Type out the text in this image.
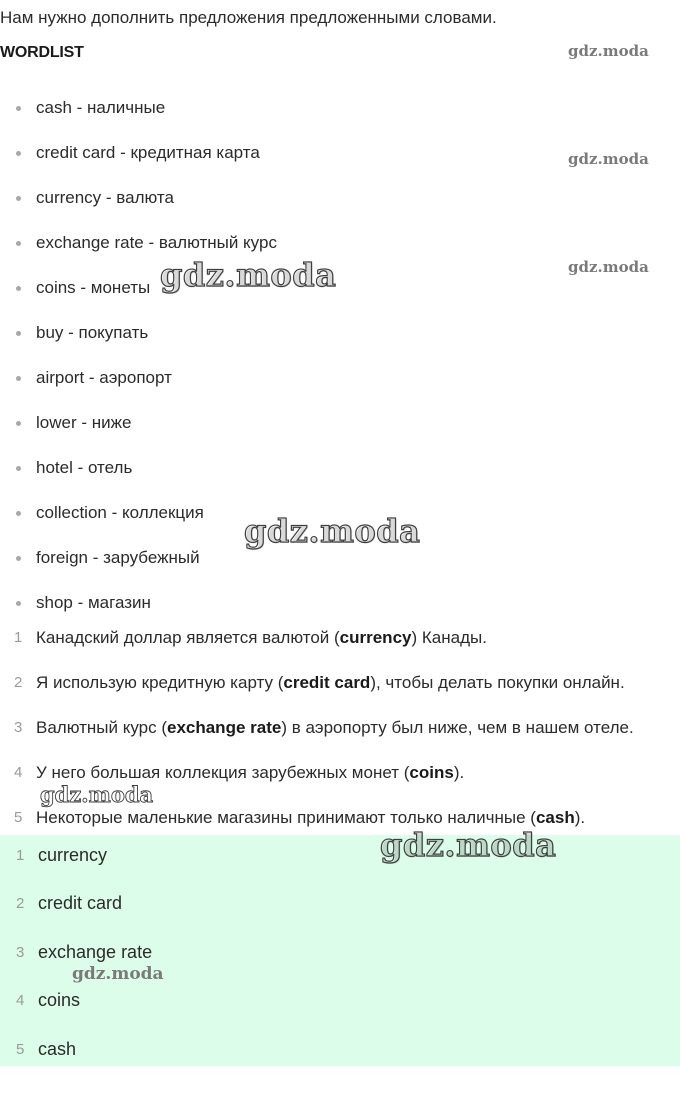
Нам нужно дополнить предложения предложенными словами.
WORDLIST
cash - наличные
credit card - кредитная карта
currency - валюта
exchange rate - валютный курс
coins - монеты
buy - покупать
airport - аэропорт
lower - ниже
hotel - отель
collection - коллекция
foreign - зарубежный
shop - магазин
1 Канадский доллар является валютой (currency) Канады.
2 Я использую кредитную карту (credit card), чтобы делать покупки онлайн.
3 Валютный курс (exchange rate) в аэропорту был ниже, чем в нашем отеле.
4 У него большая коллекция зарубежных монет (coins).
5 Некоторые маленькие магазины принимают только наличные (cash).
1 currency
2 credit card
3 exchange rate
4 coins
5 cash
gdz.moda
gdz.moda
gdz.moda
gdz.moda
gdz.moda
gdz.moda
gdz.moda
